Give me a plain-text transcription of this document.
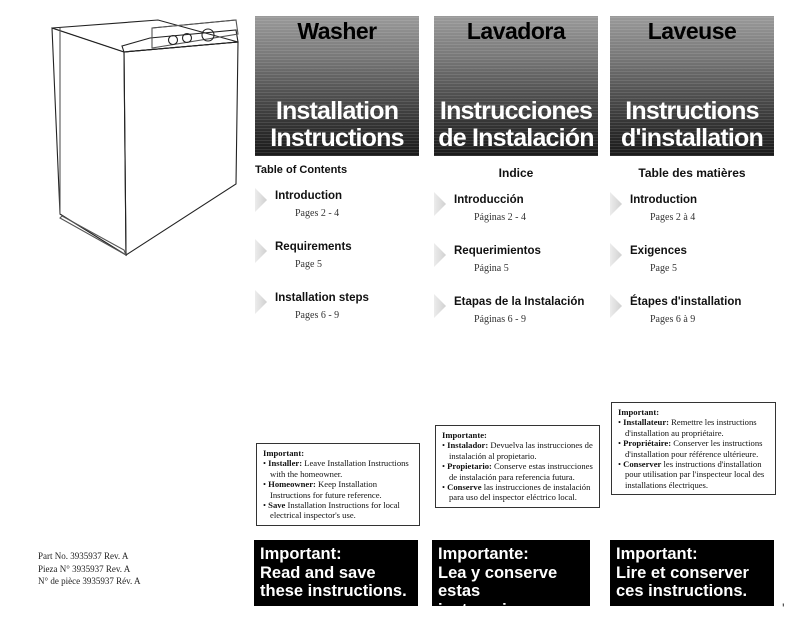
Washer
Installation
Instructions
Table of Contents
Introduction
Pages 2 - 4
Requirements
Page 5
Installation steps
Pages 6 - 9
Lavadora
Instrucciones
de Instalación
Indice
Introducción
Páginas 2 - 4
Requerimientos
Página 5
Etapas de la Instalación
Páginas 6 - 9
Laveuse
Instructions
d'installation
Table des matières
Introduction
Pages 2 à 4
Exigences
Page 5
Étapes d'installation
Pages 6 à 9
Important:
• Installer: Leave Installation Instructions with the homeowner.
• Homeowner: Keep Installation Instructions for future reference.
• Save Installation Instructions for local electrical inspector's use.
Importante:
• Instalador: Devuelva las instrucciones de instalación al propietario.
• Propietario: Conserve estas instrucciones de instalación para referencia futura.
• Conserve las instrucciones de instalación para uso del inspector eléctrico local.
Important:
• Installateur: Remettre les instructions d'installation au propriétaire.
• Propriétaire: Conserver les instructions d'installation pour référence ultérieure.
• Conserver les instructions d'installation pour utilisation par l'inspecteur local des installations électriques.
Important:
Read and save
these instructions.
Importante:
Lea y conserve
estas instrucciones.
Important:
Lire et conserver
ces instructions.
Part No. 3935937 Rev. A
Pieza N° 3935937 Rev. A
N° de pièce 3935937 Rév. A
'
